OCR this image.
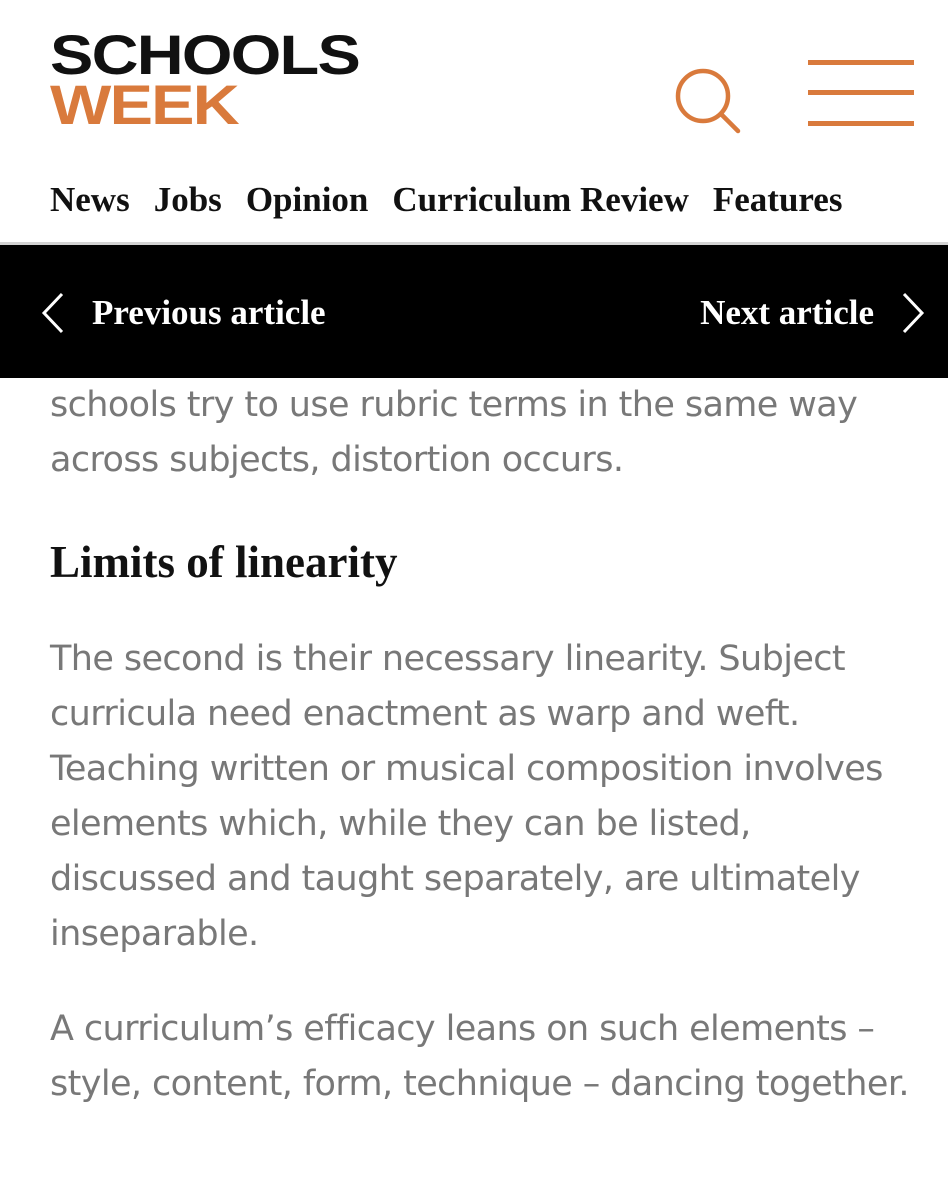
SCHOOLS
WEEK
News Jobs Opinion Curriculum Review Features
Previous article	Next article

schools try to use rubric terms in the same way across subjects, distortion occurs.

Limits of linearity

The second is their necessary linearity. Subject curricula need enactment as warp and weft. Teaching written or musical composition involves elements which, while they can be listed, discussed and taught separately, are ultimately inseparable.

A curriculum’s efficacy leans on such elements – style, content, form, technique – dancing together.
